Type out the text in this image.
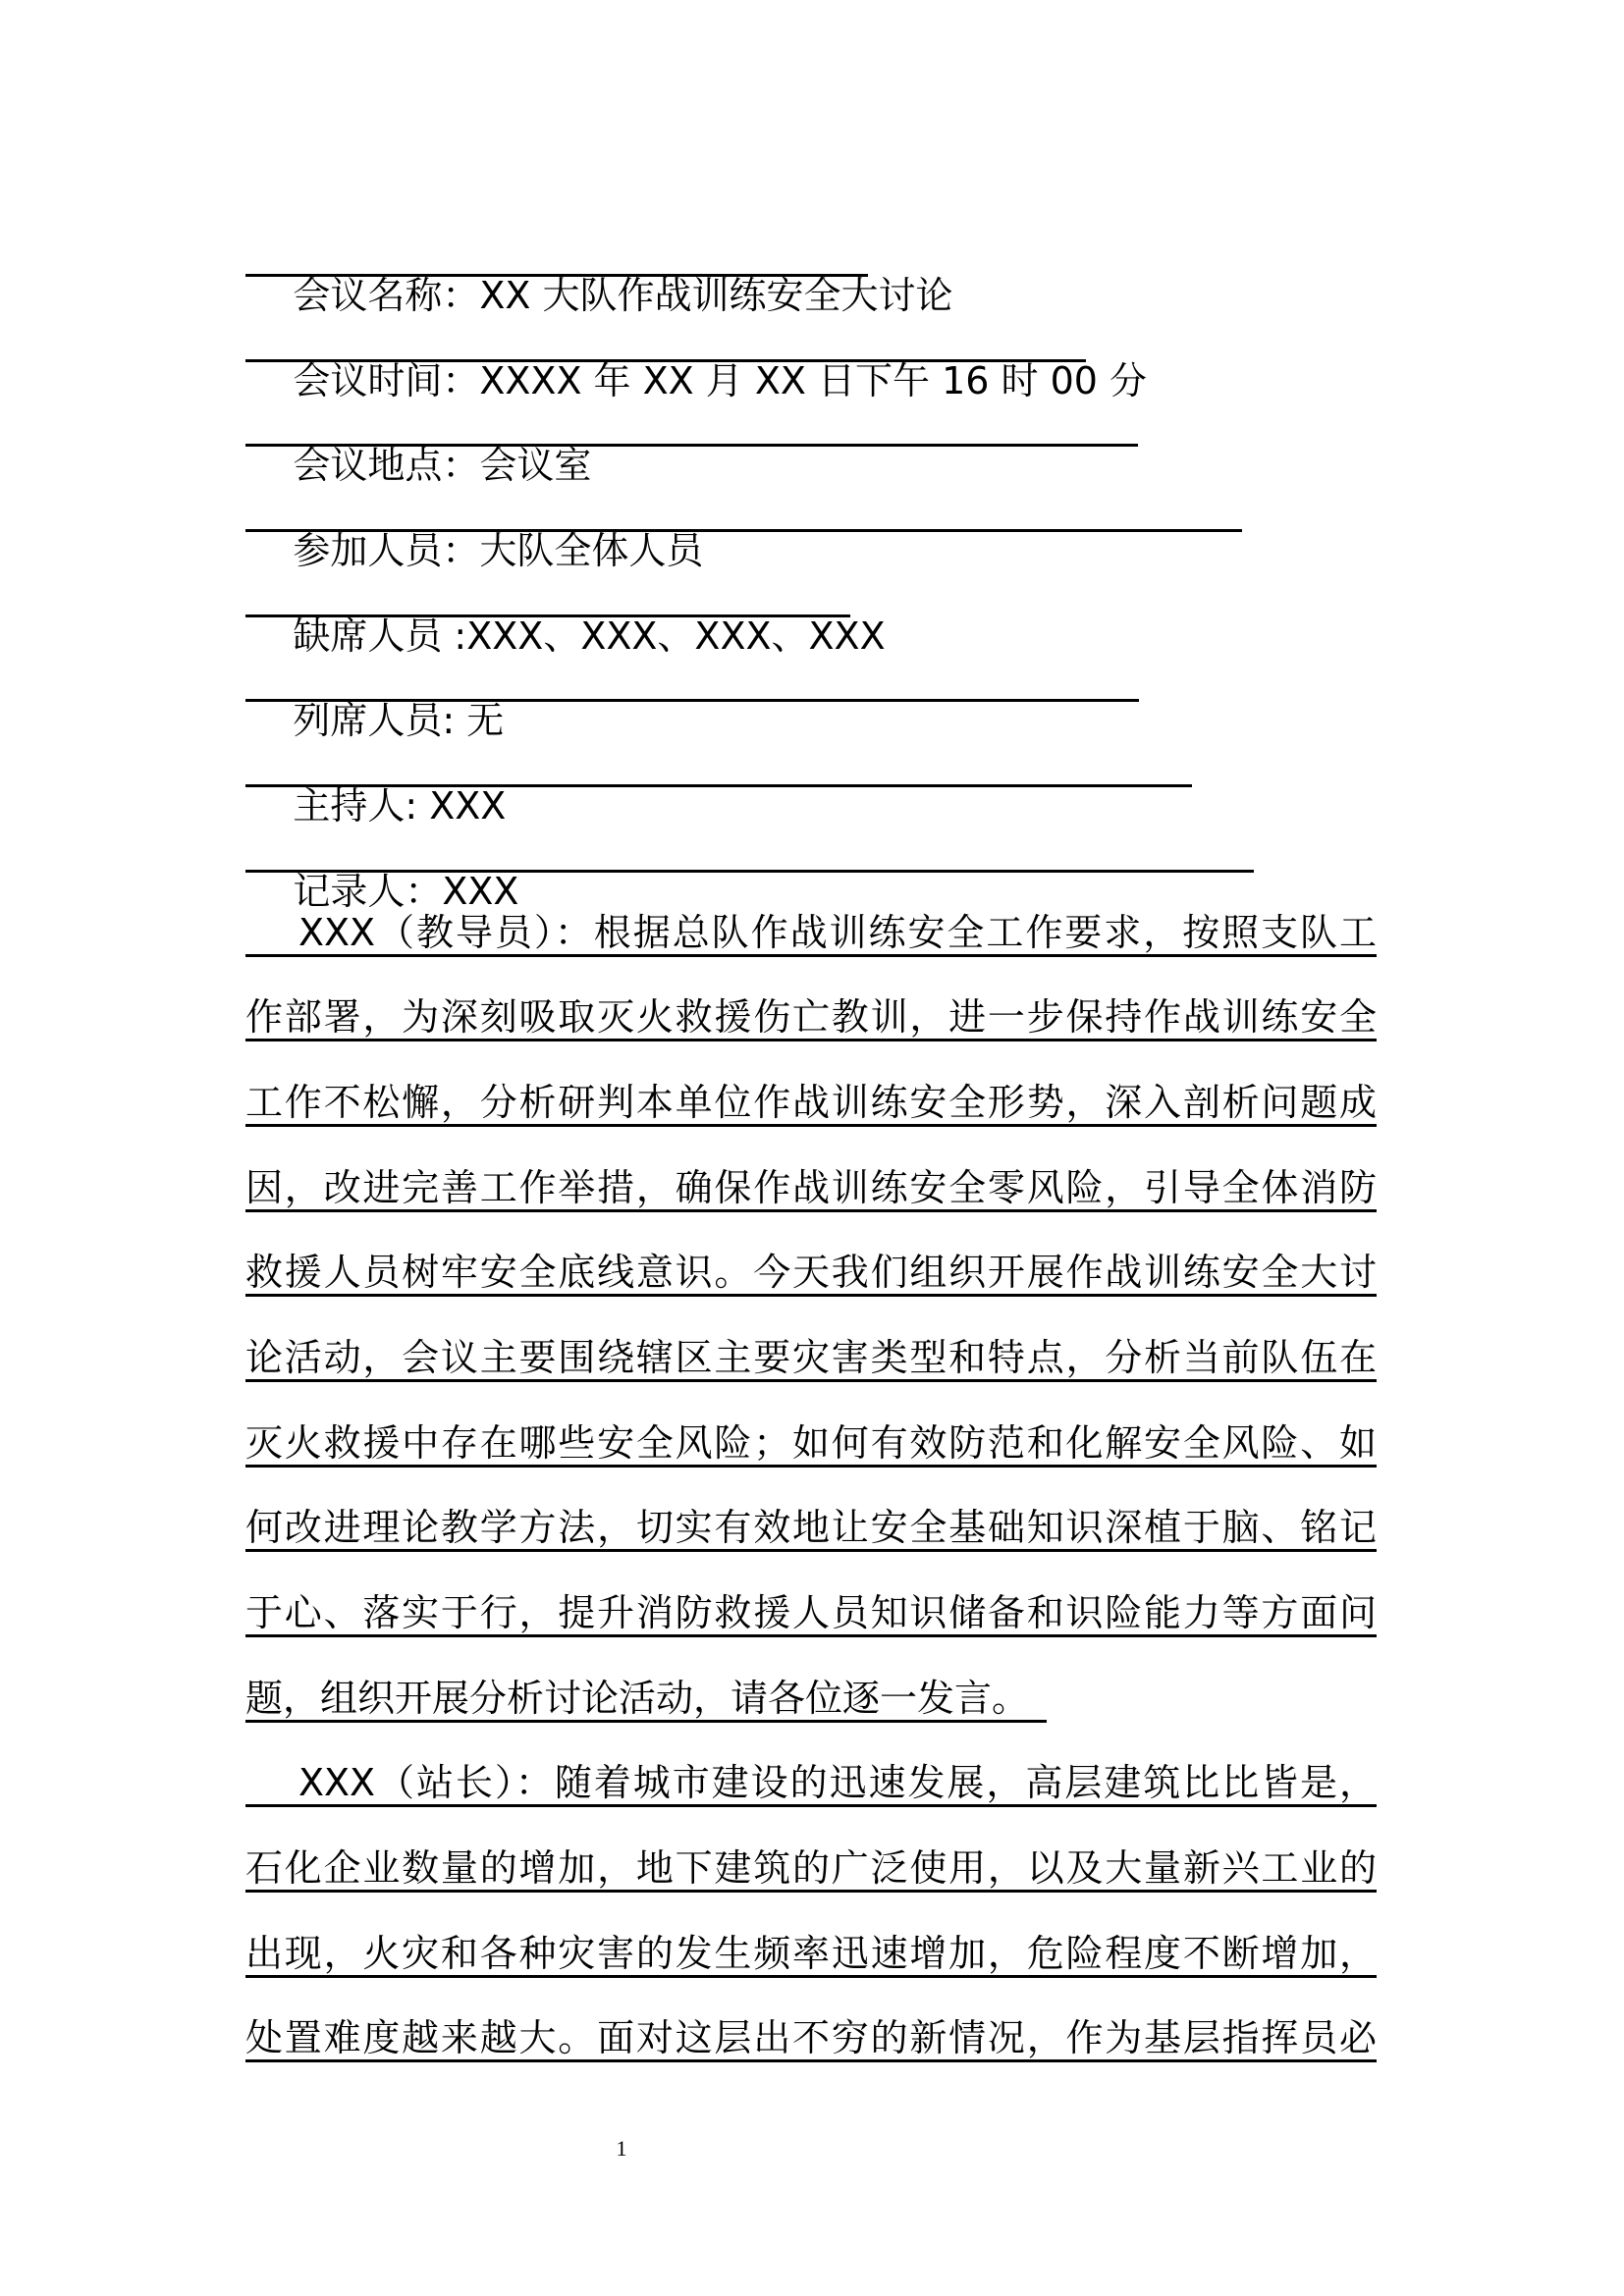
会议名称：XX 大队作战训练安全大讨论

会议时间：XXXX 年 XX 月 XX 日下午 16 时 00 分

会议地点：会议室

参加人员：大队全体人员

缺席人员 :XXX、XXX、XXX、XXX

列席人员: 无

主持人: XXX

记录人：XXX

　 XXX（教导员）：根据总队作战训练安全工作要求，按照支队工
作部署，为深刻吸取灭火救援伤亡教训，进一步保持作战训练安全
工作不松懈，分析研判本单位作战训练安全形势，深入剖析问题成
因，改进完善工作举措，确保作战训练安全零风险，引导全体消防
救援人员树牢安全底线意识。今天我们组织开展作战训练安全大讨
论活动，会议主要围绕辖区主要灾害类型和特点，分析当前队伍在
灭火救援中存在哪些安全风险；如何有效防范和化解安全风险、如
何改进理论教学方法，切实有效地让安全基础知识深植于脑、铭记
于心、落实于行，提升消防救援人员知识储备和识险能力等方面问
题，组织开展分析讨论活动，请各位逐一发言。
　 XXX（站长）：随着城市建设的迅速发展，高层建筑比比皆是，
石化企业数量的增加，地下建筑的广泛使用，以及大量新兴工业的
出现，火灾和各种灾害的发生频率迅速增加，危险程度不断增加，
处置难度越来越大。面对这层出不穷的新情况，作为基层指挥员必
1
